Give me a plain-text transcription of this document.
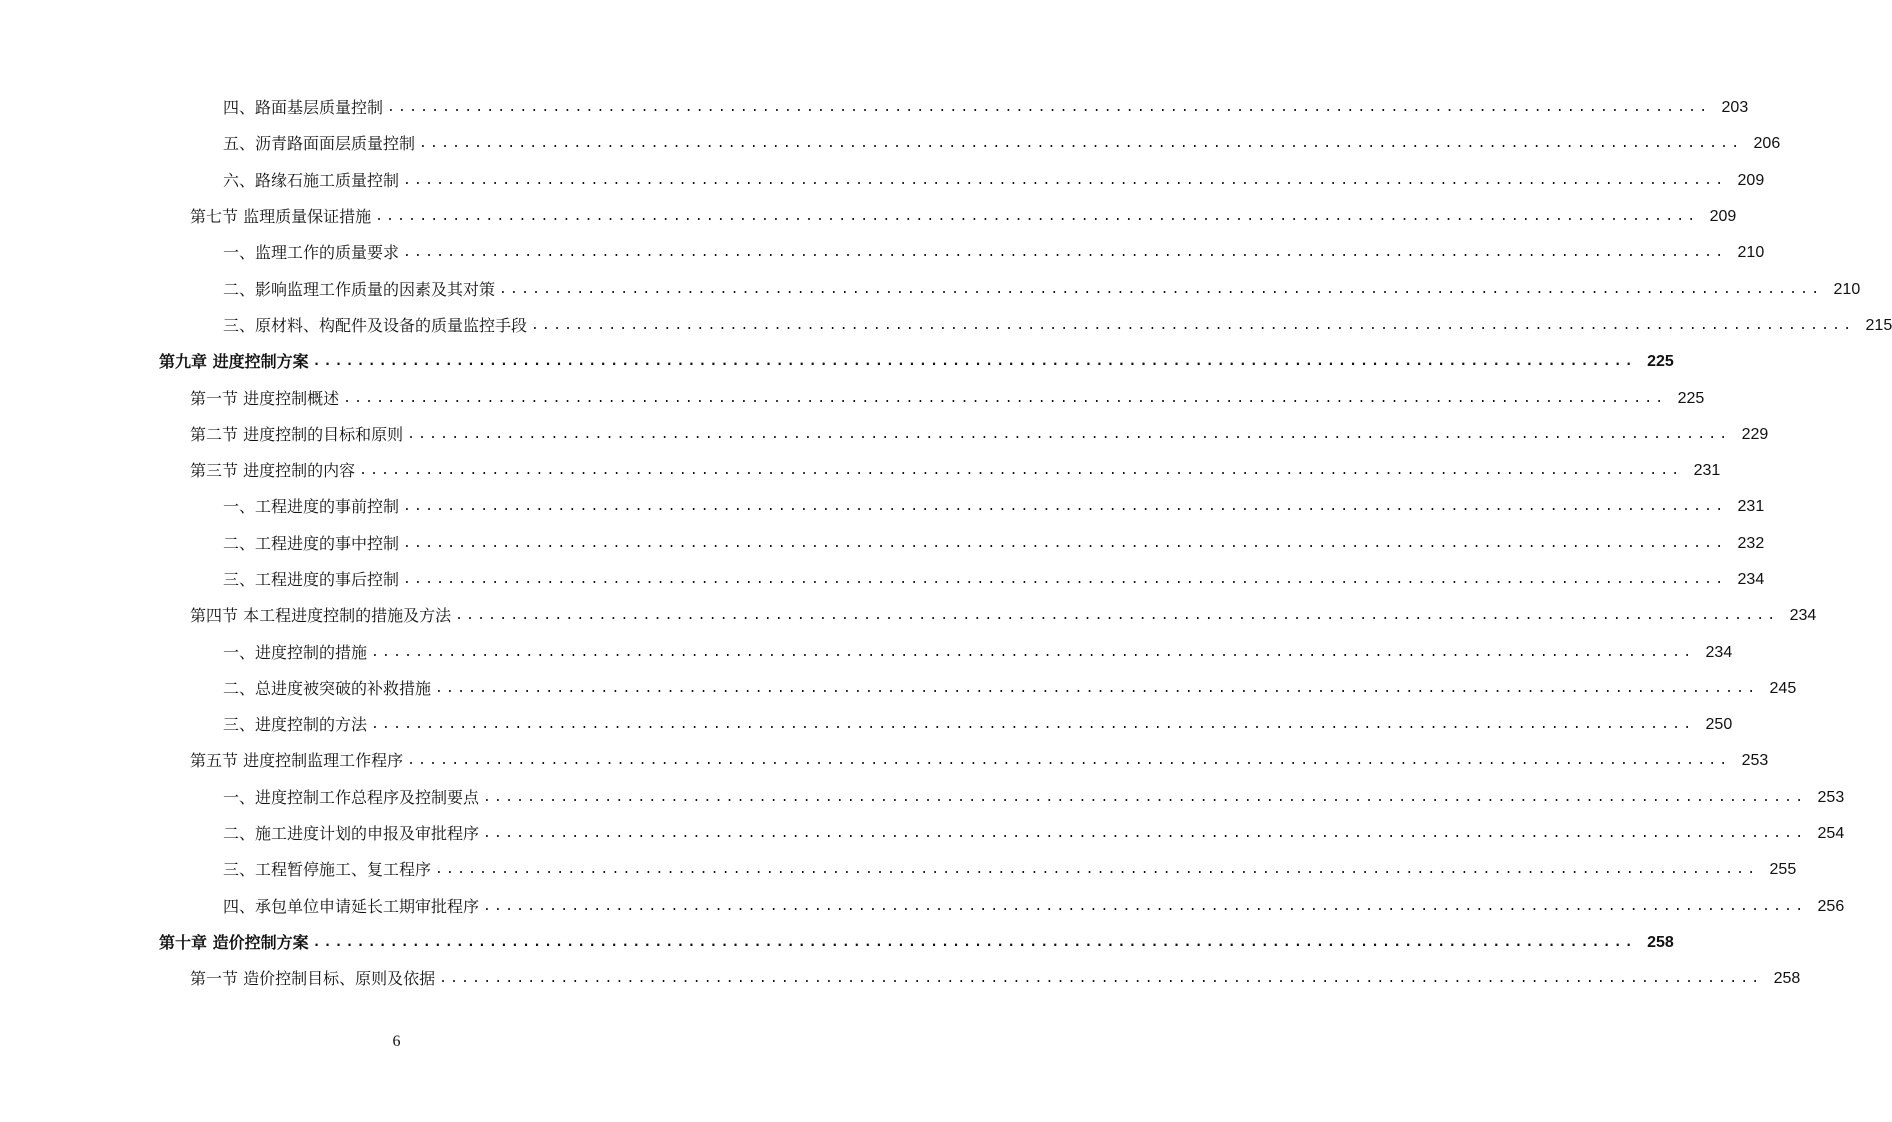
四、路面基层质量控制 ........................................................................................................................ 203
五、沥青路面面层质量控制 ........................................................................................................................ 206
六、路缘石施工质量控制 ........................................................................................................................ 209
第七节 监理质量保证措施 ........................................................................................................................ 209
一、监理工作的质量要求 ........................................................................................................................ 210
二、影响监理工作质量的因素及其对策 ........................................................................................................................ 210
三、原材料、构配件及设备的质量监控手段 ........................................................................................................................ 215
第九章 进度控制方案 ........................................................................................................................ 225
第一节 进度控制概述 ........................................................................................................................ 225
第二节 进度控制的目标和原则 ........................................................................................................................ 229
第三节 进度控制的内容 ........................................................................................................................ 231
一、工程进度的事前控制 ........................................................................................................................ 231
二、工程进度的事中控制 ........................................................................................................................ 232
三、工程进度的事后控制 ........................................................................................................................ 234
第四节 本工程进度控制的措施及方法 ........................................................................................................................ 234
一、进度控制的措施 ........................................................................................................................ 234
二、总进度被突破的补救措施 ........................................................................................................................ 245
三、进度控制的方法 ........................................................................................................................ 250
第五节 进度控制监理工作程序 ........................................................................................................................ 253
一、进度控制工作总程序及控制要点 ........................................................................................................................ 253
二、施工进度计划的申报及审批程序 ........................................................................................................................ 254
三、工程暂停施工、复工程序 ........................................................................................................................ 255
四、承包单位申请延长工期审批程序 ........................................................................................................................ 256
第十章 造价控制方案 ........................................................................................................................ 258
第一节 造价控制目标、原则及依据 ........................................................................................................................ 258
6
